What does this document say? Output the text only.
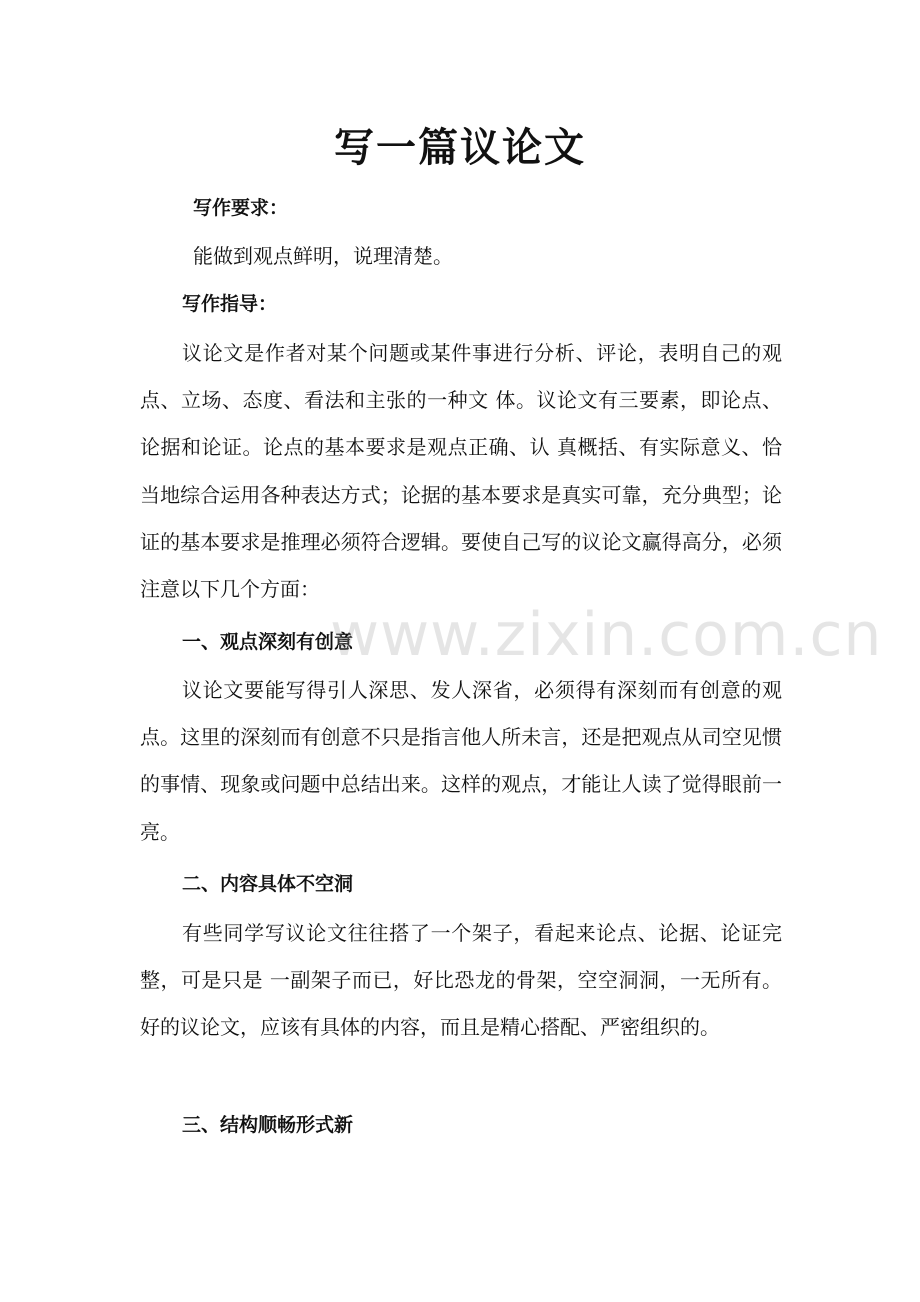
写一篇议论文
写作要求：
能做到观点鲜明，说理清楚。
写作指导：

议论文是作者对某个问题或某件事进行分析、评论，表明自己的观点、立场、态度、看法和主张的一种文 体。议论文有三要素，即论点、论据和论证。论点的基本要求是观点正确、认 真概括、有实际意义、恰当地综合运用各种表达方式；论据的基本要求是真实可靠，充分典型；论证的基本要求是推理必须符合逻辑。要使自己写的议论文赢得高分，必须注意以下几个方面：

一、观点深刻有创意

议论文要能写得引人深思、发人深省，必须得有深刻而有创意的观点。这里的深刻而有创意不只是指言他人所未言，还是把观点从司空见惯的事情、现象或问题中总结出来。这样的观点，才能让人读了觉得眼前一亮。

二、内容具体不空洞

有些同学写议论文往往搭了一个架子，看起来论点、论据、论证完整，可是只是 一副架子而已，好比恐龙的骨架，空空洞洞，一无所有。好的议论文，应该有具体的内容，而且是精心搭配、严密组织的。

三、结构顺畅形式新
www.zixin.com.cn
